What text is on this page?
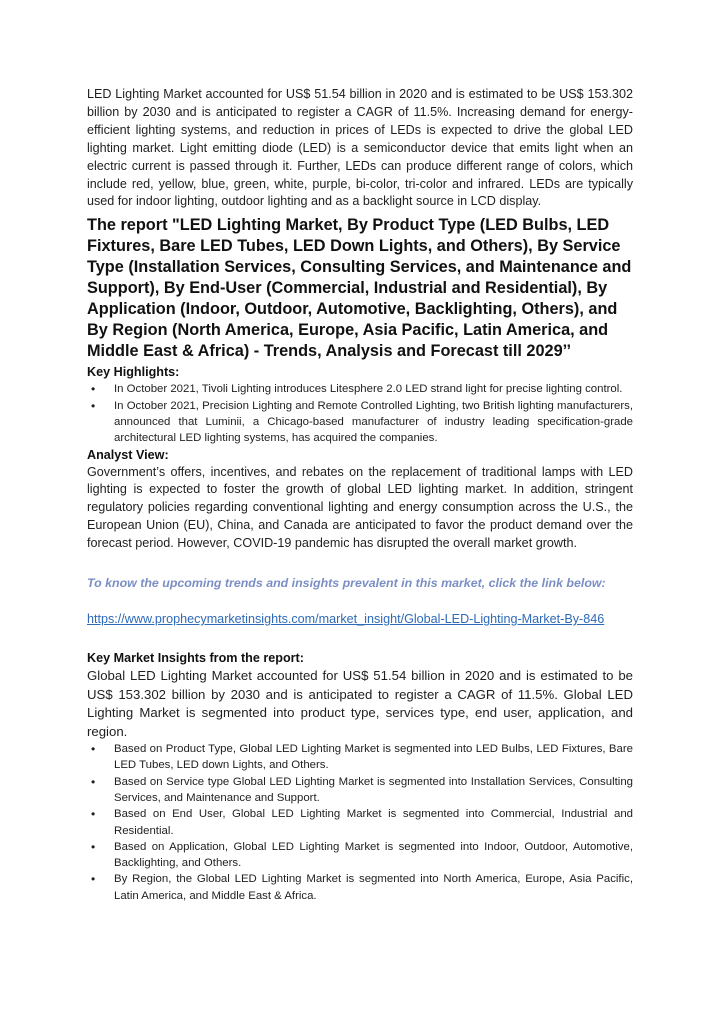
LED Lighting Market accounted for US$ 51.54 billion in 2020 and is estimated to be US$ 153.302 billion by 2030 and is anticipated to register a CAGR of 11.5%. Increasing demand for energy-efficient lighting systems, and reduction in prices of LEDs is expected to drive the global LED lighting market. Light emitting diode (LED) is a semiconductor device that emits light when an electric current is passed through it. Further, LEDs can produce different range of colors, which include red, yellow, blue, green, white, purple, bi-color, tri-color and infrared. LEDs are typically used for indoor lighting, outdoor lighting and as a backlight source in LCD display.

The report "LED Lighting Market, By Product Type (LED Bulbs, LED Fixtures, Bare LED Tubes, LED Down Lights, and Others), By Service Type (Installation Services, Consulting Services, and Maintenance and Support), By End-User (Commercial, Industrial and Residential), By Application (Indoor, Outdoor, Automotive, Backlighting, Others), and By Region (North America, Europe, Asia Pacific, Latin America, and Middle East & Africa) - Trends, Analysis and Forecast till 2029’’
Key Highlights:
• In October 2021, Tivoli Lighting introduces Litesphere 2.0 LED strand light for precise lighting control.
• In October 2021, Precision Lighting and Remote Controlled Lighting, two British lighting manufacturers, announced that Luminii, a Chicago-based manufacturer of industry leading specification-grade architectural LED lighting systems, has acquired the companies.
Analyst View:

Government’s offers, incentives, and rebates on the replacement of traditional lamps with LED lighting is expected to foster the growth of global LED lighting market. In addition, stringent regulatory policies regarding conventional lighting and energy consumption across the U.S., the European Union (EU), China, and Canada are anticipated to favor the product demand over the forecast period. However, COVID-19 pandemic has disrupted the overall market growth.

To know the upcoming trends and insights prevalent in this market, click the link below:

https://www.prophecymarketinsights.com/market_insight/Global-LED-Lighting-Market-By-846
Key Market Insights from the report:

Global LED Lighting Market accounted for US$ 51.54 billion in 2020 and is estimated to be US$ 153.302 billion by 2030 and is anticipated to register a CAGR of 11.5%. Global LED Lighting Market is segmented into product type, services type, end user, application, and region.

• Based on Product Type, Global LED Lighting Market is segmented into LED Bulbs, LED Fixtures, Bare LED Tubes, LED down Lights, and Others.
• Based on Service type Global LED Lighting Market is segmented into Installation Services, Consulting Services, and Maintenance and Support.
• Based on End User, Global LED Lighting Market is segmented into Commercial, Industrial and Residential.
• Based on Application, Global LED Lighting Market is segmented into Indoor, Outdoor, Automotive, Backlighting, and Others.
• By Region, the Global LED Lighting Market is segmented into North America, Europe, Asia Pacific, Latin America, and Middle East & Africa.
